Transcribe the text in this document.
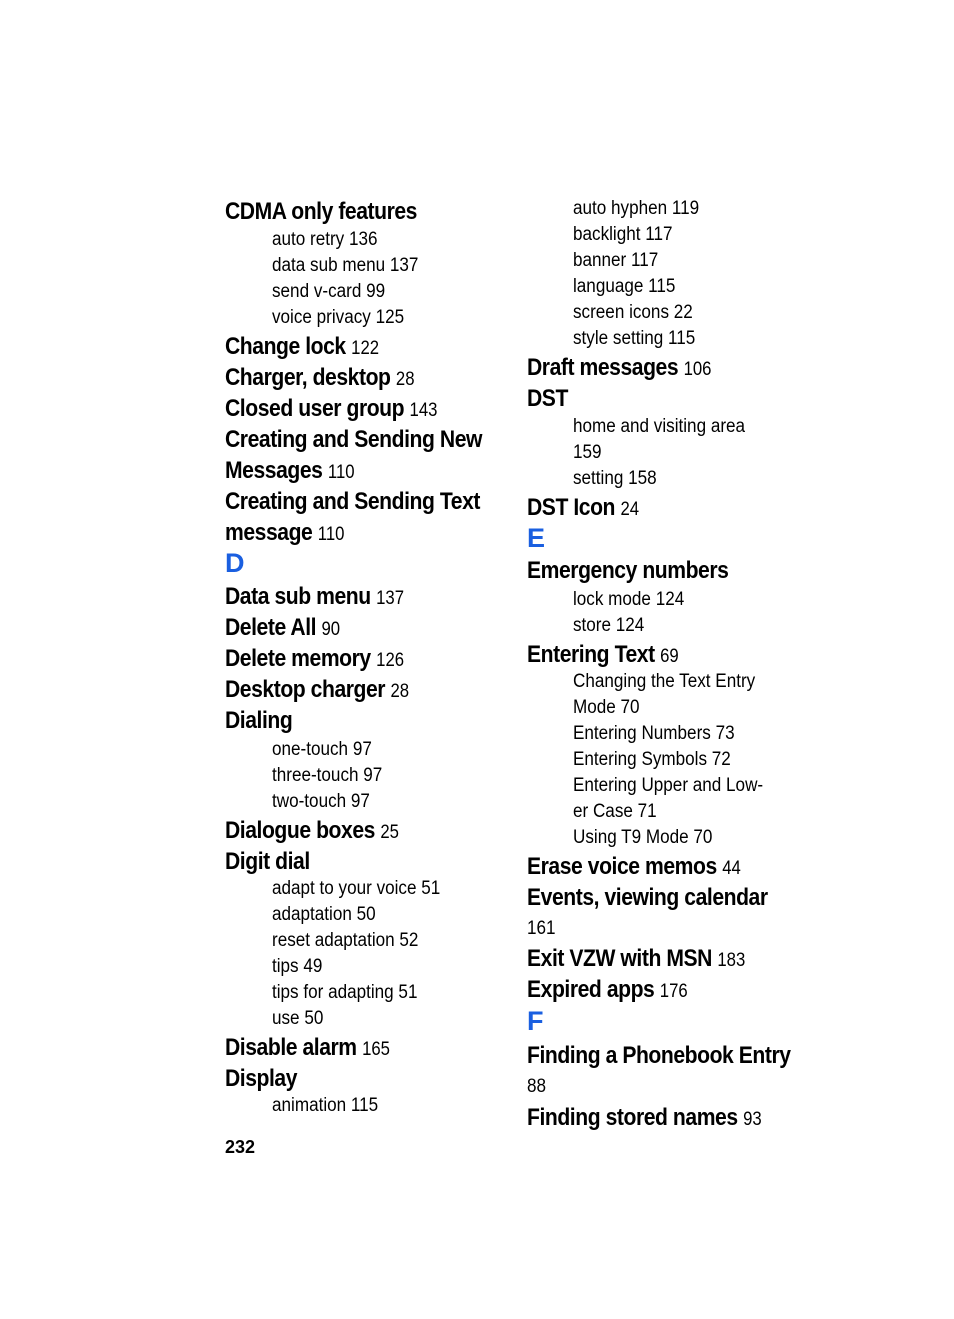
CDMA only features
auto retry 136
data sub menu 137
send v-card 99
voice privacy 125
Change lock 122
Charger, desktop 28
Closed user group 143
Creating and Sending New
Messages 110
Creating and Sending Text
message 110
D
Data sub menu 137
Delete All 90
Delete memory 126
Desktop charger 28
Dialing
one-touch 97
three-touch 97
two-touch 97
Dialogue boxes 25
Digit dial
adapt to your voice 51
adaptation 50
reset adaptation 52
tips 49
tips for adapting 51
use 50
Disable alarm 165
Display
animation 115
auto hyphen 119
backlight 117
banner 117
language 115
screen icons 22
style setting 115
Draft messages 106
DST
home and visiting area
159
setting 158
DST Icon 24
E
Emergency numbers
lock mode 124
store 124
Entering Text 69
Changing the Text Entry
Mode 70
Entering Numbers 73
Entering Symbols 72
Entering Upper and Low-
er Case 71
Using T9 Mode 70
Erase voice memos 44
Events, viewing calendar
161
Exit VZW with MSN 183
Expired apps 176
F
Finding a Phonebook Entry
88
Finding stored names 93
232
